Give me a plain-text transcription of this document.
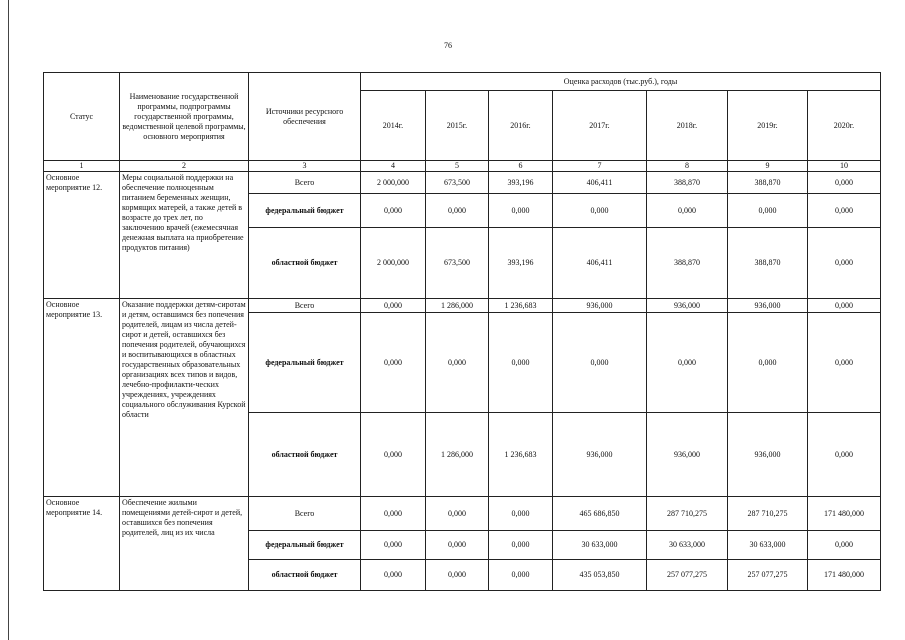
76
Статус	Наименование государственной программы, подпрограммы государственной программы, ведомственной целевой программы, основного мероприятия	Источники ресурсного обеспечения	Оценка расходов (тыс.руб.), годы						
			2014г.	2015г.	2016г.	2017г.	2018г.	2019г.	2020г.
1	2	3	4	5	6	7	8	9	10
Основное мероприятие 12.	Меры социальной поддержки на обеспечение полноценным питанием беременных женщин, кормящих матерей, а также детей в возрасте до трех лет, по заключению врачей (ежемесячная денежная выплата на приобретение продуктов питания)	Всего	2 000,000	673,500	393,196	406,411	388,870	388,870	0,000
		федеральный бюджет	0,000	0,000	0,000	0,000	0,000	0,000	0,000
		областной бюджет	2 000,000	673,500	393,196	406,411	388,870	388,870	0,000
Основное мероприятие 13.	Оказание поддержки детям-сиротам и детям, оставшимся без попечения родителей, лицам из числа детей-сирот и детей, оставшихся без попечения родителей, обучающихся и воспитывающихся в областных государственных образовательных организациях всех типов и видов, лечебно-профилакти-ческих учреждениях, учреждениях социального обслуживания Курской области	Всего	0,000	1 286,000	1 236,683	936,000	936,000	936,000	0,000
		федеральный бюджет	0,000	0,000	0,000	0,000	0,000	0,000	0,000
		областной бюджет	0,000	1 286,000	1 236,683	936,000	936,000	936,000	0,000
Основное мероприятие 14.	Обеспечение жилыми помещениями детей-сирот и детей, оставшихся без попечения родителей, лиц из их числа	Всего	0,000	0,000	0,000	465 686,850	287 710,275	287 710,275	171 480,000
		федеральный бюджет	0,000	0,000	0,000	30 633,000	30 633,000	30 633,000	0,000
		областной бюджет	0,000	0,000	0,000	435 053,850	257 077,275	257 077,275	171 480,000
